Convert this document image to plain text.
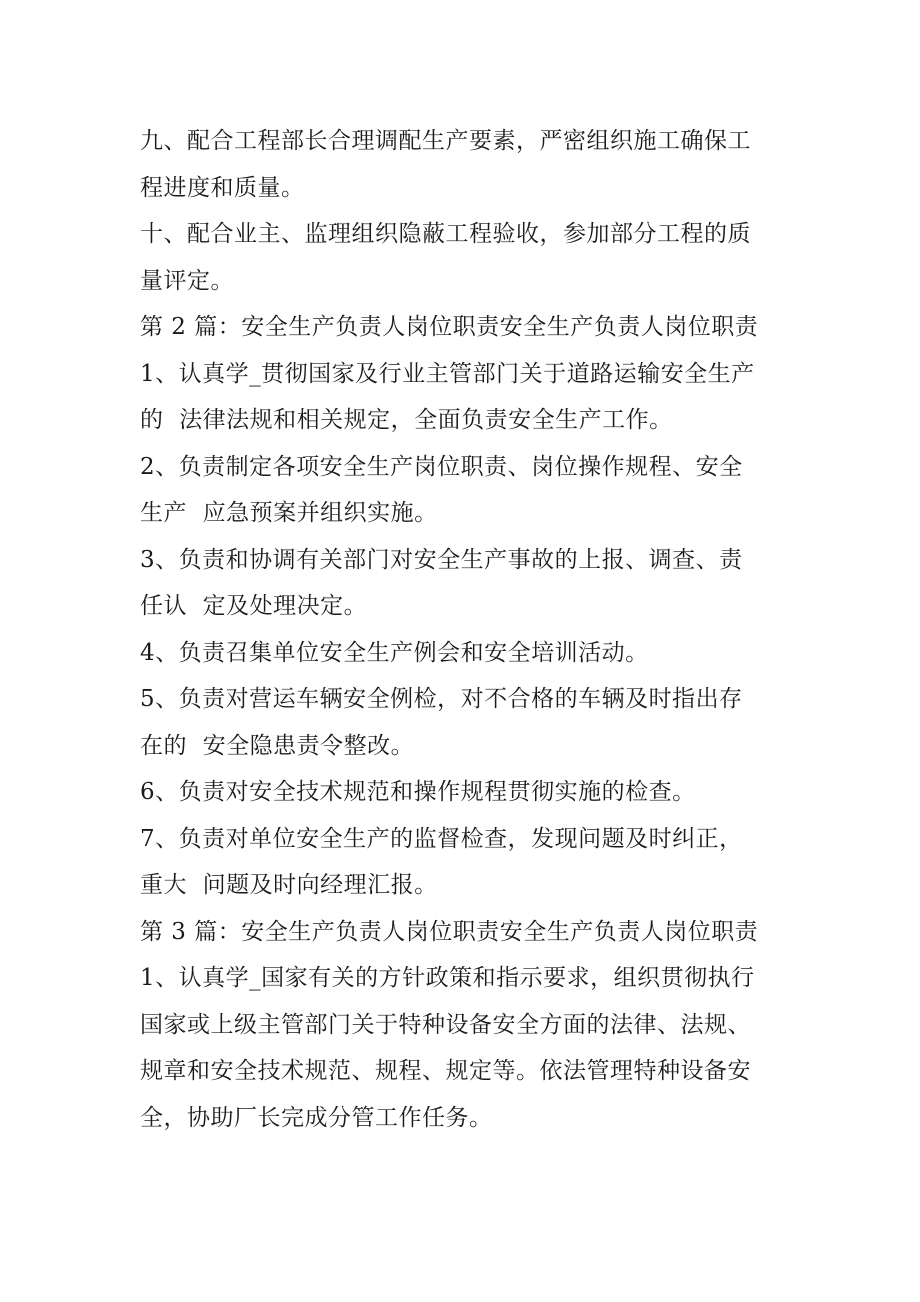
九、配合工程部长合理调配生产要素，严密组织施工确保工
程进度和质量。
十、配合业主、监理组织隐蔽工程验收，参加部分工程的质
量评定。
第 2 篇：安全生产负责人岗位职责安全生产负责人岗位职责
1、认真学_贯彻国家及行业主管部门关于道路运输安全生产
的  法律法规和相关规定，全面负责安全生产工作。
2、负责制定各项安全生产岗位职责、岗位操作规程、安全
生产  应急预案并组织实施。
3、负责和协调有关部门对安全生产事故的上报、调查、责
任认  定及处理决定。
4、负责召集单位安全生产例会和安全培训活动。
5、负责对营运车辆安全例检，对不合格的车辆及时指出存
在的  安全隐患责令整改。
6、负责对安全技术规范和操作规程贯彻实施的检查。
7、负责对单位安全生产的监督检查，发现问题及时纠正，
重大  问题及时向经理汇报。
第 3 篇：安全生产负责人岗位职责安全生产负责人岗位职责
1、认真学_国家有关的方针政策和指示要求，组织贯彻执行
国家或上级主管部门关于特种设备安全方面的法律、法规、
规章和安全技术规范、规程、规定等。依法管理特种设备安
全，协助厂长完成分管工作任务。
